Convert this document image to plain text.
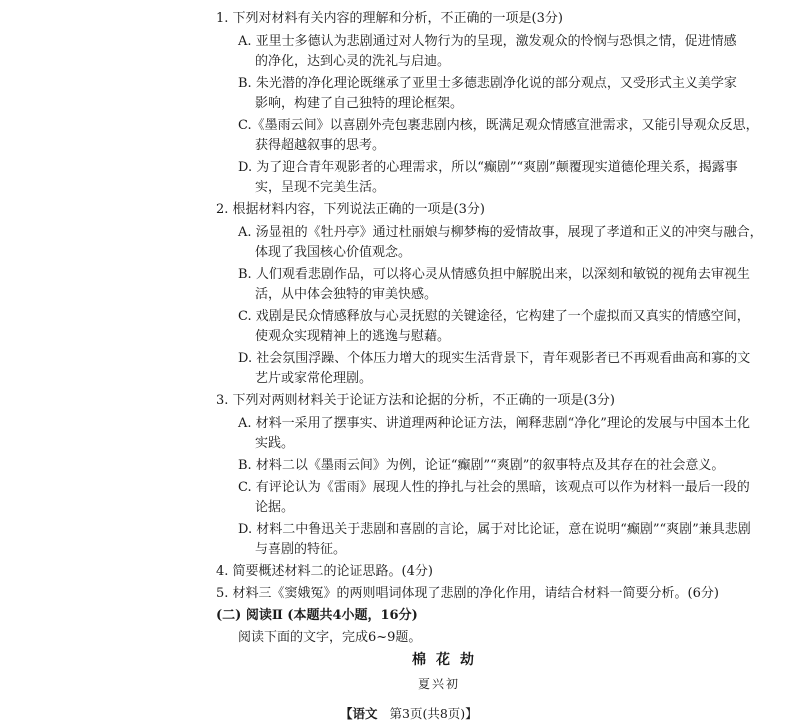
1. 下列对材料有关内容的理解和分析，不正确的一项是(3分)
A. 亚里士多德认为悲剧通过对人物行为的呈现，激发观众的怜悯与恐惧之情，促进情感
的净化，达到心灵的洗礼与启迪。
B. 朱光潜的净化理论既继承了亚里士多德悲剧净化说的部分观点，又受形式主义美学家
影响，构建了自己独特的理论框架。
C.《墨雨云间》以喜剧外壳包裹悲剧内核，既满足观众情感宣泄需求，又能引导观众反思，
获得超越叙事的思考。
D. 为了迎合青年观影者的心理需求，所以“癫剧”“爽剧”颠覆现实道德伦理关系，揭露事
实，呈现不完美生活。
2. 根据材料内容，下列说法正确的一项是(3分)
A. 汤显祖的《牡丹亭》通过杜丽娘与柳梦梅的爱情故事，展现了孝道和正义的冲突与融合，
体现了我国核心价值观念。
B. 人们观看悲剧作品，可以将心灵从情感负担中解脱出来，以深刻和敏锐的视角去审视生
活，从中体会独特的审美快感。
C. 戏剧是民众情感释放与心灵抚慰的关键途径，它构建了一个虚拟而又真实的情感空间，
使观众实现精神上的逃逸与慰藉。
D. 社会氛围浮躁、个体压力增大的现实生活背景下，青年观影者已不再观看曲高和寡的文
艺片或家常伦理剧。
3. 下列对两则材料关于论证方法和论据的分析，不正确的一项是(3分)
A. 材料一采用了摆事实、讲道理两种论证方法，阐释悲剧“净化”理论的发展与中国本土化
实践。
B. 材料二以《墨雨云间》为例，论证“癫剧”“爽剧”的叙事特点及其存在的社会意义。
C. 有评论认为《雷雨》展现人性的挣扎与社会的黑暗，该观点可以作为材料一最后一段的
论据。
D. 材料二中鲁迅关于悲剧和喜剧的言论，属于对比论证，意在说明“癫剧”“爽剧”兼具悲剧
与喜剧的特征。
4. 简要概述材料二的论证思路。(4分)
5. 材料三《窦娥冤》的两则唱词体现了悲剧的净化作用，请结合材料一简要分析。(6分)
(二) 阅读Ⅱ (本题共4小题，16分)
阅读下面的文字，完成6~9题。
棉花劫
夏兴初
【语文 第3页(共8页)】
